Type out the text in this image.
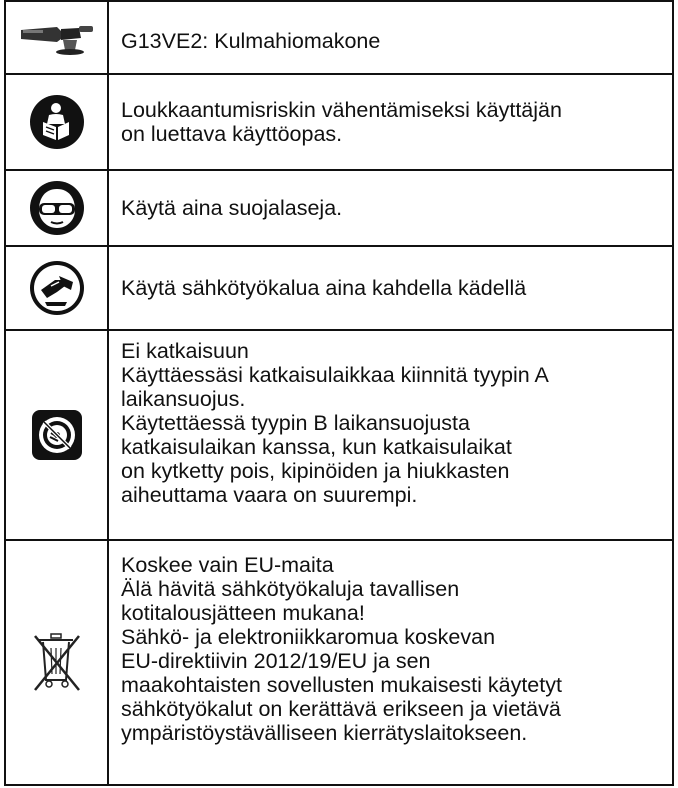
G13VE2: Kulmahiomakone
Loukkaantumisriskin vähentämiseksi käyttäjän
on luettava käyttöopas.
Käytä aina suojalaseja.
Käytä sähkötyökalua aina kahdella kädellä
Ei katkaisuun
Käyttäessäsi katkaisulaikkaa kiinnitä tyypin A
laikansuojus.
Käytettäessä tyypin B laikansuojusta
katkaisulaikan kanssa, kun katkaisulaikat
on kytketty pois, kipinöiden ja hiukkasten
aiheuttama vaara on suurempi.
Koskee vain EU-maita
Älä hävitä sähkötyökaluja tavallisen
kotitalousjätteen mukana!
Sähkö- ja elektroniikkaromua koskevan
EU-direktiivin 2012/19/EU ja sen
maakohtaisten sovellusten mukaisesti käytetyt
sähkötyökalut on kerättävä erikseen ja vietävä
ympäristöystävälliseen kierrätyslaitokseen.
